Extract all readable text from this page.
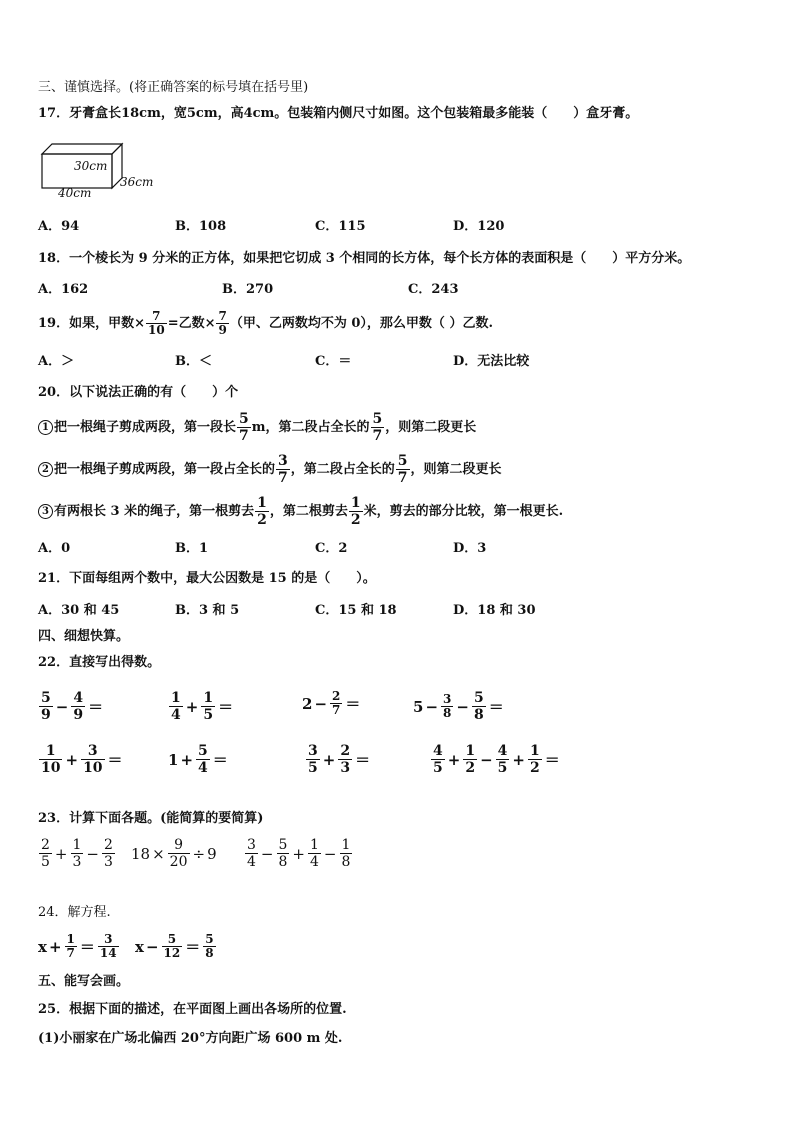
三、谨慎选择。(将正确答案的标号填在括号里)
17．牙膏盒长18cm，宽5cm，高4cm。包装箱内侧尺寸如图。这个包装箱最多能装（　　）盒牙膏。
30cm
36cm
40cm
A．94	B．108	C．115	D．120
18．一个棱长为 9 分米的正方体，如果把它切成 3 个相同的长方体，每个长方体的表面积是（　　）平方分米。
A．162	B．270	C．243
19．如果，甲数× $\frac{7}{10}$ =乙数× $\frac{7}{9}$ （甲、乙两数均不为 0），那么甲数（ ）乙数.
A．＞	B．＜	C．＝	D．无法比较
20．以下说法正确的有（　　）个
1 把一根绳子剪成两段，第一段长 $\frac{5}{7}$ m，第二段占全长的 $\frac{5}{7}$ ，则第二段更长
2 把一根绳子剪成两段，第一段占全长的 $\frac{3}{7}$ ，第二段占全长的 $\frac{5}{7}$ ，则第二段更长
3 有两根长 3 米的绳子，第一根剪去 $\frac{1}{2}$ ，第二根剪去 $\frac{1}{2}$ 米，剪去的部分比较，第一根更长.
A．0	B．1	C．2	D．3
21．下面每组两个数中，最大公因数是 15 的是（　　）。
A．30 和 45	B．3 和 5	C．15 和 18	D．18 和 30
四、细想快算。
22．直接写出得数。
$\frac{5}{9} - \frac{4}{9}$ ＝	$\frac{1}{4} + \frac{1}{5}$ ＝	$2 - \frac{2}{7}$ ＝	$5 - \frac{3}{8} - \frac{5}{8}$ ＝
$\frac{1}{10} + \frac{3}{10}$ ＝	$1 + \frac{5}{4}$ ＝	$\frac{3}{5} + \frac{2}{3}$ ＝	$\frac{4}{5} + \frac{1}{2} - \frac{4}{5} + \frac{1}{2}$ ＝
23．计算下面各题。(能简算的要简算)
$\frac{2}{5} + \frac{1}{3} - \frac{2}{3} 18 \times \frac{9}{20} \div 9 \frac{3}{4} - \frac{5}{8} + \frac{1}{4} - \frac{1}{8}$
24．解方程.
$x + \frac{1}{7} = \frac{3}{14}$ $x - \frac{5}{12} = \frac{5}{8}$
五、能写会画。
25．根据下面的描述，在平面图上画出各场所的位置.
(1)小丽家在广场北偏西 20°方向距广场 600 m 处.
